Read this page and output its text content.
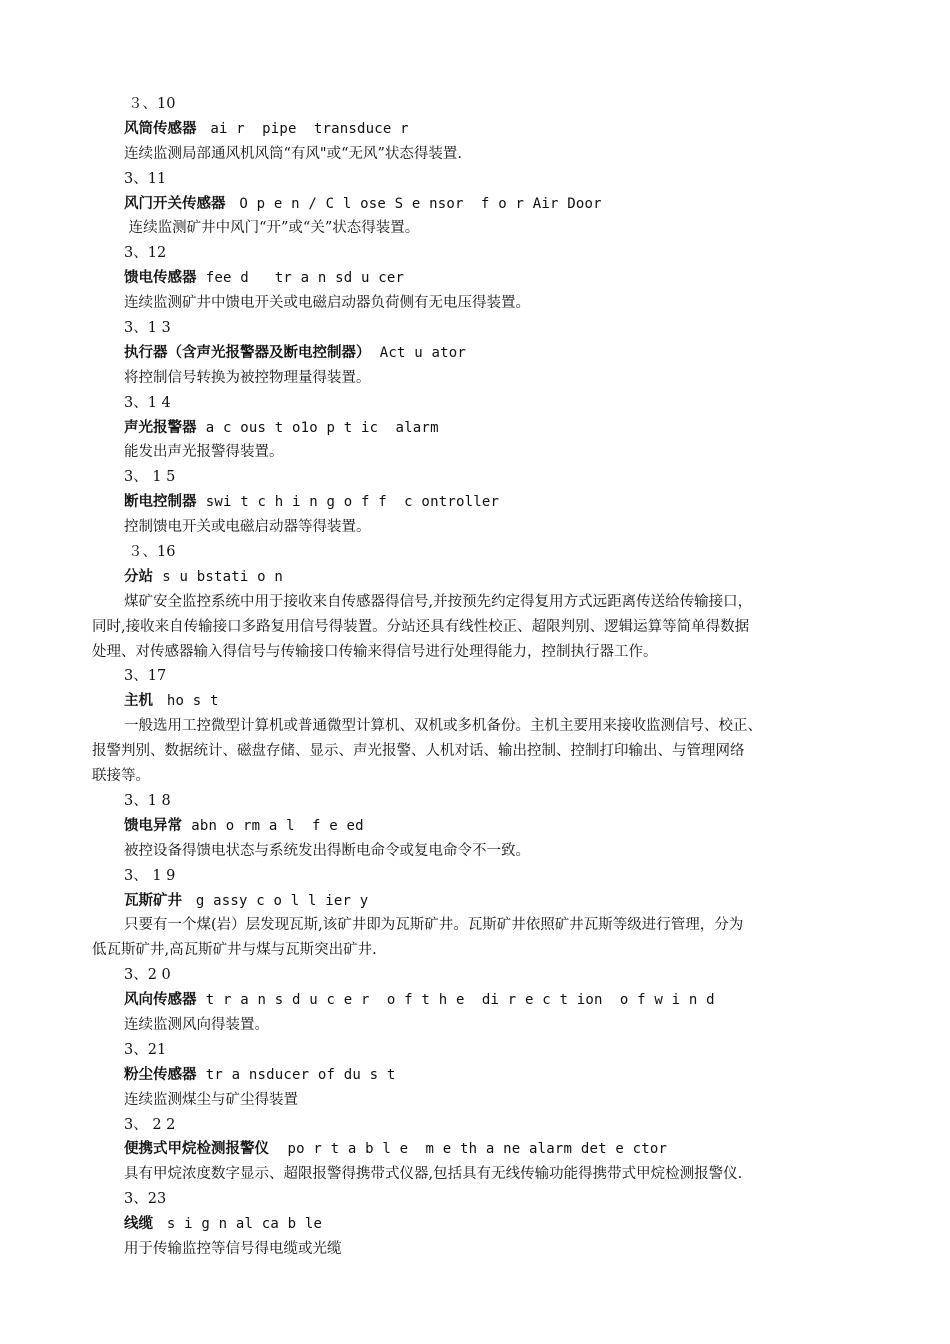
３、10
风筒传感器 ai r  pipe  transduce r
连续监测局部通风机风筒“有风"或“无风”状态得装置.
3、11
风门开关传感器 O p e n / C l ose S e nsor  f o r Air Door
连续监测矿井中风门“开”或“关”状态得装置。
3、12
馈电传感器 fee d   tr a n sd u cer
连续监测矿井中馈电开关或电磁启动器负荷侧有无电压得装置。
3、1 3
执行器（含声光报警器及断电控制器） Act u ator
将控制信号转换为被控物理量得装置。
3、1 4
声光报警器 a c ous t o1o p t ic  alarm
能发出声光报警得装置。
3、 1 5
断电控制器 swi t c h i n g o f f  c ontroller
控制馈电开关或电磁启动器等得装置。
３、16
分站 s u bstati o n
煤矿安全监控系统中用于接收来自传感器得信号,并按预先约定得复用方式远距离传送给传输接口，
同时,接收来自传输接口多路复用信号得装置。分站还具有线性校正、超限判别、逻辑运算等简单得数据
处理、对传感器输入得信号与传输接口传输来得信号进行处理得能力，控制执行器工作。
3、17
主机 ho s t
一般选用工控微型计算机或普通微型计算机、双机或多机备份。主机主要用来接收监测信号、校正、
报警判别、数据统计、磁盘存储、显示、声光报警、人机对话、输出控制、控制打印输出、与管理网络
联接等。
3、1 8
馈电异常 abn o rm a l  f e ed
被控设备得馈电状态与系统发出得断电命令或复电命令不一致。
3、 1 9
瓦斯矿井 g assy c o l l ier y
只要有一个煤(岩）层发现瓦斯,该矿井即为瓦斯矿井。瓦斯矿井依照矿井瓦斯等级进行管理，分为
低瓦斯矿井,高瓦斯矿井与煤与瓦斯突出矿井.
3、2 0
风向传感器 t r a n s d u c e r  o f t h e  di r e c t ion  o f w i n d
连续监测风向得装置。
3、21
粉尘传感器 tr a nsducer of du s t
连续监测煤尘与矿尘得装置
3、 2 2
便携式甲烷检测报警仪 po r t a b l e  m e th a ne alarm det e ctor
具有甲烷浓度数字显示、超限报警得携带式仪器,包括具有无线传输功能得携带式甲烷检测报警仪.
3、23
线缆 s i g n al ca b le
用于传输监控等信号得电缆或光缆
